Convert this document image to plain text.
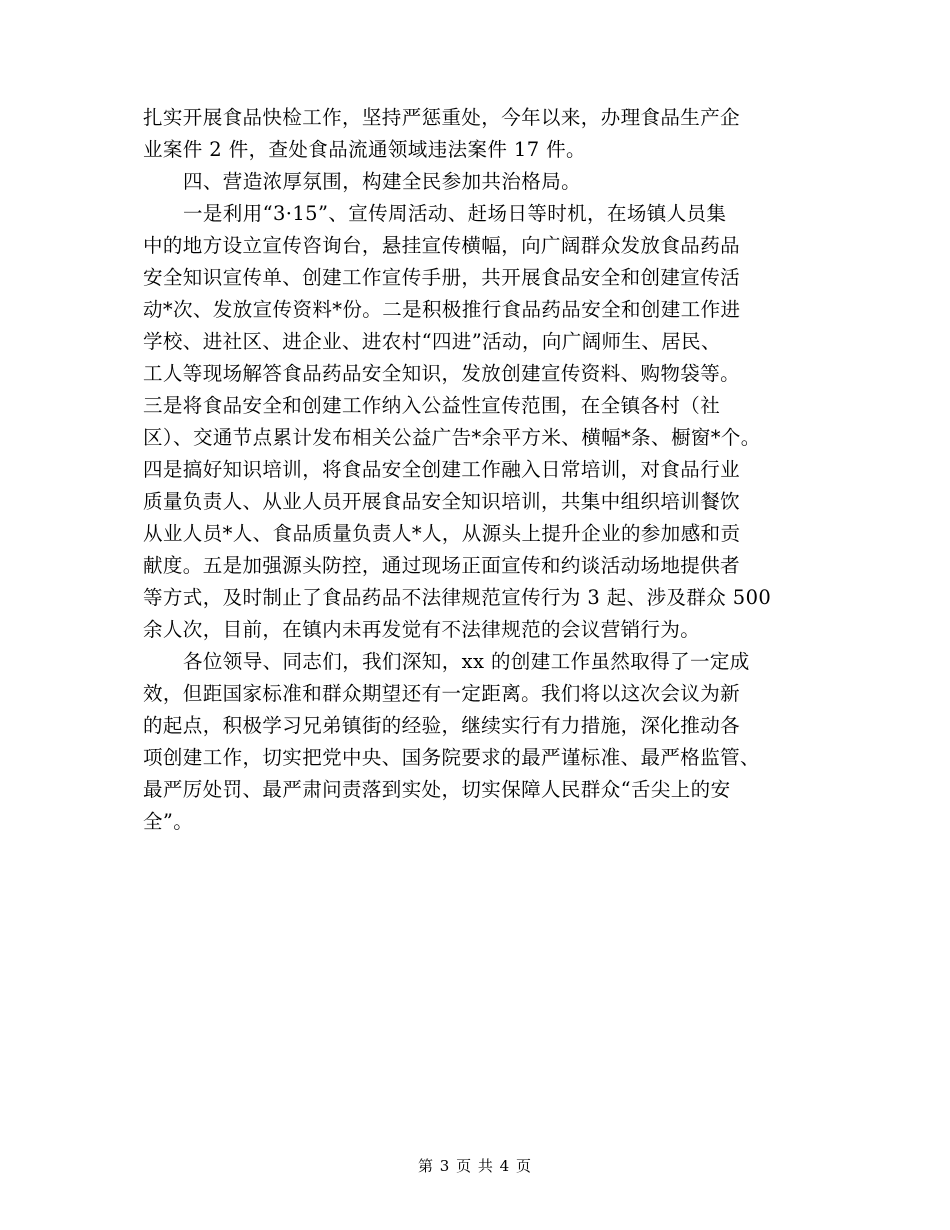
扎实开展食品快检工作，坚持严惩重处，今年以来，办理食品生产企
业案件 2 件，查处食品流通领域违法案件 17 件。
四、营造浓厚氛围，构建全民参加共治格局。
一是利用“3·15”、宣传周活动、赶场日等时机，在场镇人员集
中的地方设立宣传咨询台，悬挂宣传横幅，向广阔群众发放食品药品
安全知识宣传单、创建工作宣传手册，共开展食品安全和创建宣传活
动*次、发放宣传资料*份。二是积极推行食品药品安全和创建工作进
学校、进社区、进企业、进农村“四进”活动，向广阔师生、居民、
工人等现场解答食品药品安全知识，发放创建宣传资料、购物袋等。
三是将食品安全和创建工作纳入公益性宣传范围，在全镇各村（社
区）、交通节点累计发布相关公益广告*余平方米、横幅*条、橱窗*个。
四是搞好知识培训，将食品安全创建工作融入日常培训，对食品行业
质量负责人、从业人员开展食品安全知识培训，共集中组织培训餐饮
从业人员*人、食品质量负责人*人，从源头上提升企业的参加感和贡
献度。五是加强源头防控，通过现场正面宣传和约谈活动场地提供者
等方式，及时制止了食品药品不法律规范宣传行为 3 起、涉及群众 500
余人次，目前，在镇内未再发觉有不法律规范的会议营销行为。
各位领导、同志们，我们深知，xx 的创建工作虽然取得了一定成
效，但距国家标准和群众期望还有一定距离。我们将以这次会议为新
的起点，积极学习兄弟镇街的经验，继续实行有力措施，深化推动各
项创建工作，切实把党中央、国务院要求的最严谨标准、最严格监管、
最严厉处罚、最严肃问责落到实处，切实保障人民群众“舌尖上的安
全”。
第 3 页 共 4 页
